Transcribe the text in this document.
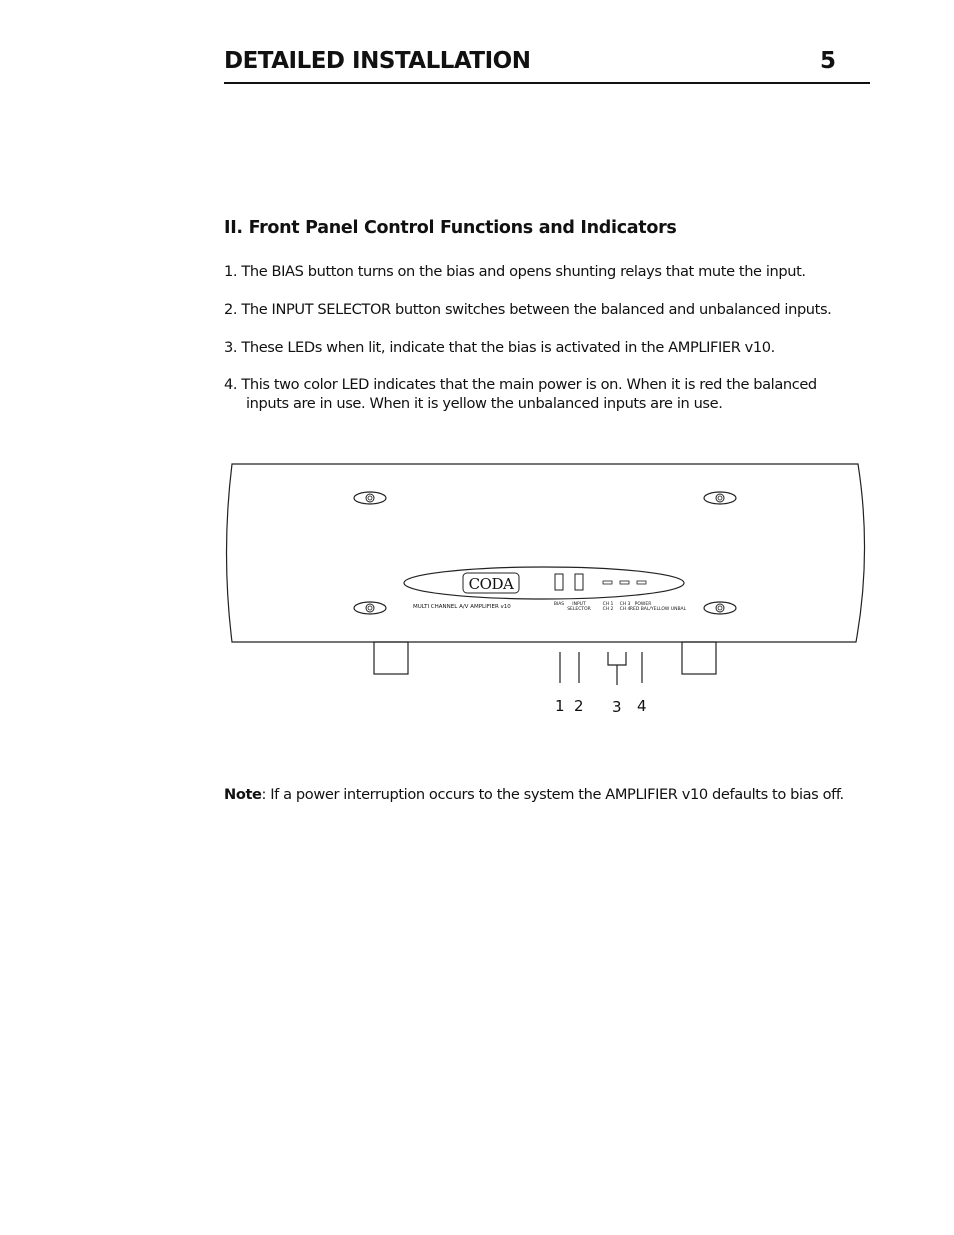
DETAILED INSTALLATION	5
II. Front Panel Control Functions and Indicators
1. The BIAS button turns on the bias and opens shunting relays that mute the input.
2. The INPUT SELECTOR button switches between the balanced and unbalanced inputs.
3. These LEDs when lit, indicate that the bias is activated in the AMPLIFIER v10.
4. This two color LED indicates that the main power is on. When it is red the balanced
inputs are in use. When it is yellow the unbalanced inputs are in use.
CODA
MULTI CHANNEL A/V AMPLIFIER v10	BIAS INPUT
SELECTOR
CH 1
CH 2
CH 3
CH 4
POWER
RED BAL/YELLOW UNBAL
1 2 3 4
Note: If a power interruption occurs to the system the AMPLIFIER v10 defaults to bias off.
